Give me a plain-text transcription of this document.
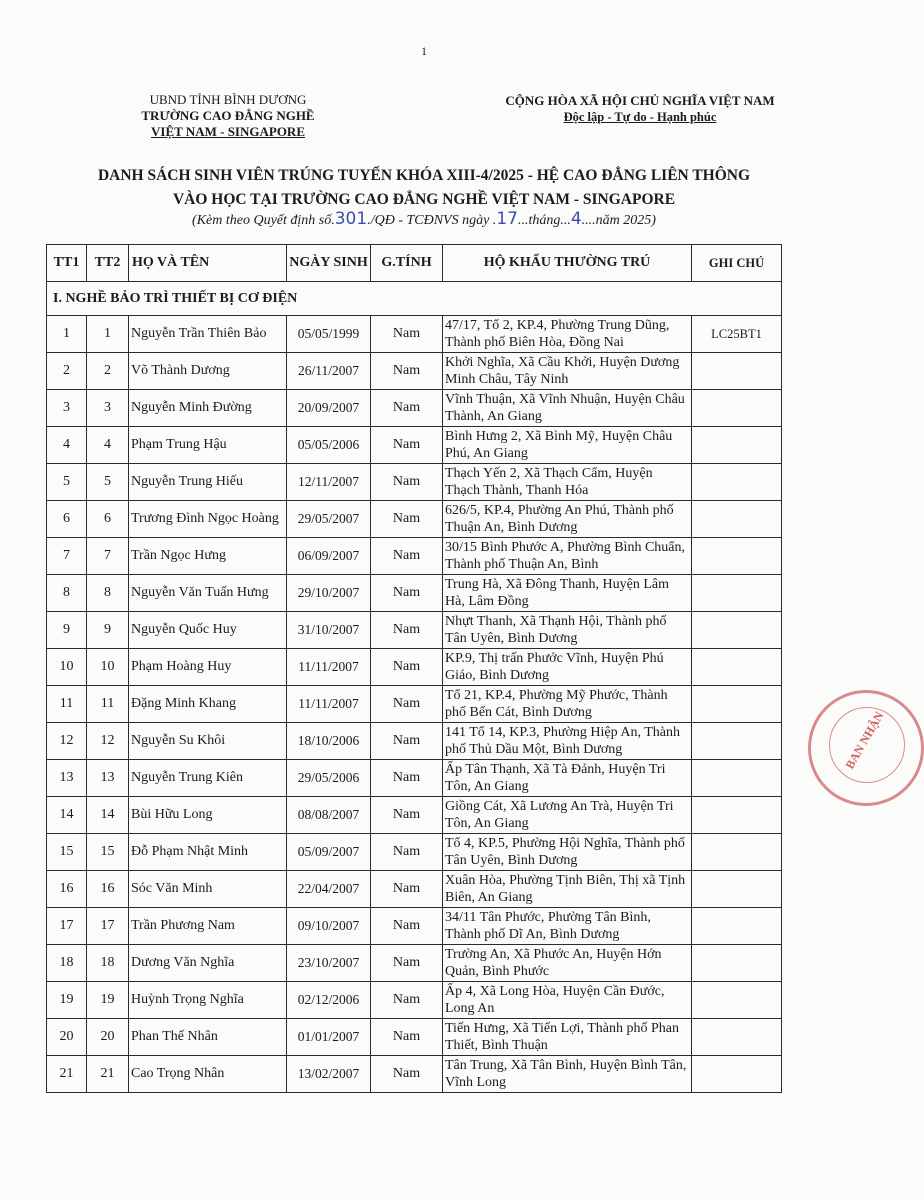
1
UBND TỈNH BÌNH DƯƠNG
TRƯỜNG CAO ĐẲNG NGHỀ
VIỆT NAM - SINGAPORE
CỘNG HÒA XÃ HỘI CHỦ NGHĨA VIỆT NAM
Độc lập - Tự do - Hạnh phúc
DANH SÁCH SINH VIÊN TRÚNG TUYỂN KHÓA XIII-4/2025 - HỆ CAO ĐẲNG LIÊN THÔNG
VÀO HỌC TẠI TRƯỜNG CAO ĐẲNG NGHỀ VIỆT NAM - SINGAPORE
(Kèm theo Quyết định số.301./QĐ - TCĐNVS ngày .17...tháng...4....năm 2025)
BAN NHẬN
TT1	TT2	HỌ VÀ TÊN	NGÀY SINH	G.TÍNH	HỘ KHẨU THƯỜNG TRÚ	GHI CHÚ
I. NGHỀ BẢO TRÌ THIẾT BỊ CƠ ĐIỆN						
1	1	Nguyễn Trần Thiên Bảo	05/05/1999	Nam	47/17, Tổ 2, KP.4, Phường Trung Dũng, Thành phố Biên Hòa, Đồng Nai	LC25BT1
2	2	Võ Thành Dương	26/11/2007	Nam	Khởi Nghĩa, Xã Cầu Khởi, Huyện Dương Minh Châu, Tây Ninh	
3	3	Nguyễn Minh Đường	20/09/2007	Nam	Vĩnh Thuận, Xã Vĩnh Nhuận, Huyện Châu Thành, An Giang	
4	4	Phạm Trung Hậu	05/05/2006	Nam	Bình Hưng 2, Xã Bình Mỹ, Huyện Châu Phú, An Giang	
5	5	Nguyễn Trung Hiếu	12/11/2007	Nam	Thạch Yến 2, Xã Thạch Cẩm, Huyện Thạch Thành, Thanh Hóa	
6	6	Trương Đình Ngọc Hoàng	29/05/2007	Nam	626/5, KP.4, Phường An Phú, Thành phố Thuận An, Bình Dương	
7	7	Trần Ngọc Hưng	06/09/2007	Nam	30/15 Bình Phước A, Phường Bình Chuẩn, Thành phố Thuận An, Bình	
8	8	Nguyễn Văn Tuấn Hưng	29/10/2007	Nam	Trung Hà, Xã Đông Thanh, Huyện Lâm Hà, Lâm Đồng	
9	9	Nguyễn Quốc Huy	31/10/2007	Nam	Nhựt Thanh, Xã Thạnh Hội, Thành phố Tân Uyên, Bình Dương	
10	10	Phạm Hoàng Huy	11/11/2007	Nam	KP.9, Thị trấn Phước Vĩnh, Huyện Phú Giáo, Bình Dương	
11	11	Đặng Minh Khang	11/11/2007	Nam	Tổ 21, KP.4, Phường Mỹ Phước, Thành phố Bến Cát, Bình Dương	
12	12	Nguyễn Su Khôi	18/10/2006	Nam	141 Tổ 14, KP.3, Phường Hiệp An, Thành phố Thủ Dầu Một, Bình Dương	
13	13	Nguyễn Trung Kiên	29/05/2006	Nam	Ấp Tân Thạnh, Xã Tà Đảnh, Huyện Tri Tôn, An Giang	
14	14	Bùi Hữu Long	08/08/2007	Nam	Giồng Cát, Xã Lương An Trà, Huyện Tri Tôn, An Giang	
15	15	Đỗ Phạm Nhật Minh	05/09/2007	Nam	Tổ 4, KP.5, Phường Hội Nghĩa, Thành phố Tân Uyên, Bình Dương	
16	16	Sóc Văn Minh	22/04/2007	Nam	Xuân Hòa, Phường Tịnh Biên, Thị xã Tịnh Biên, An Giang	
17	17	Trần Phương Nam	09/10/2007	Nam	34/11 Tân Phước, Phường Tân Bình, Thành phố Dĩ An, Bình Dương	
18	18	Dương Văn Nghĩa	23/10/2007	Nam	Trường An, Xã Phước An, Huyện Hớn Quản, Bình Phước	
19	19	Huỳnh Trọng Nghĩa	02/12/2006	Nam	Ấp 4, Xã Long Hòa, Huyện Cần Đước, Long An	
20	20	Phan Thế Nhân	01/01/2007	Nam	Tiến Hưng, Xã Tiến Lợi, Thành phố Phan Thiết, Bình Thuận	
21	21	Cao Trọng Nhân	13/02/2007	Nam	Tân Trung, Xã Tân Bình, Huyện Bình Tân, Vĩnh Long	
